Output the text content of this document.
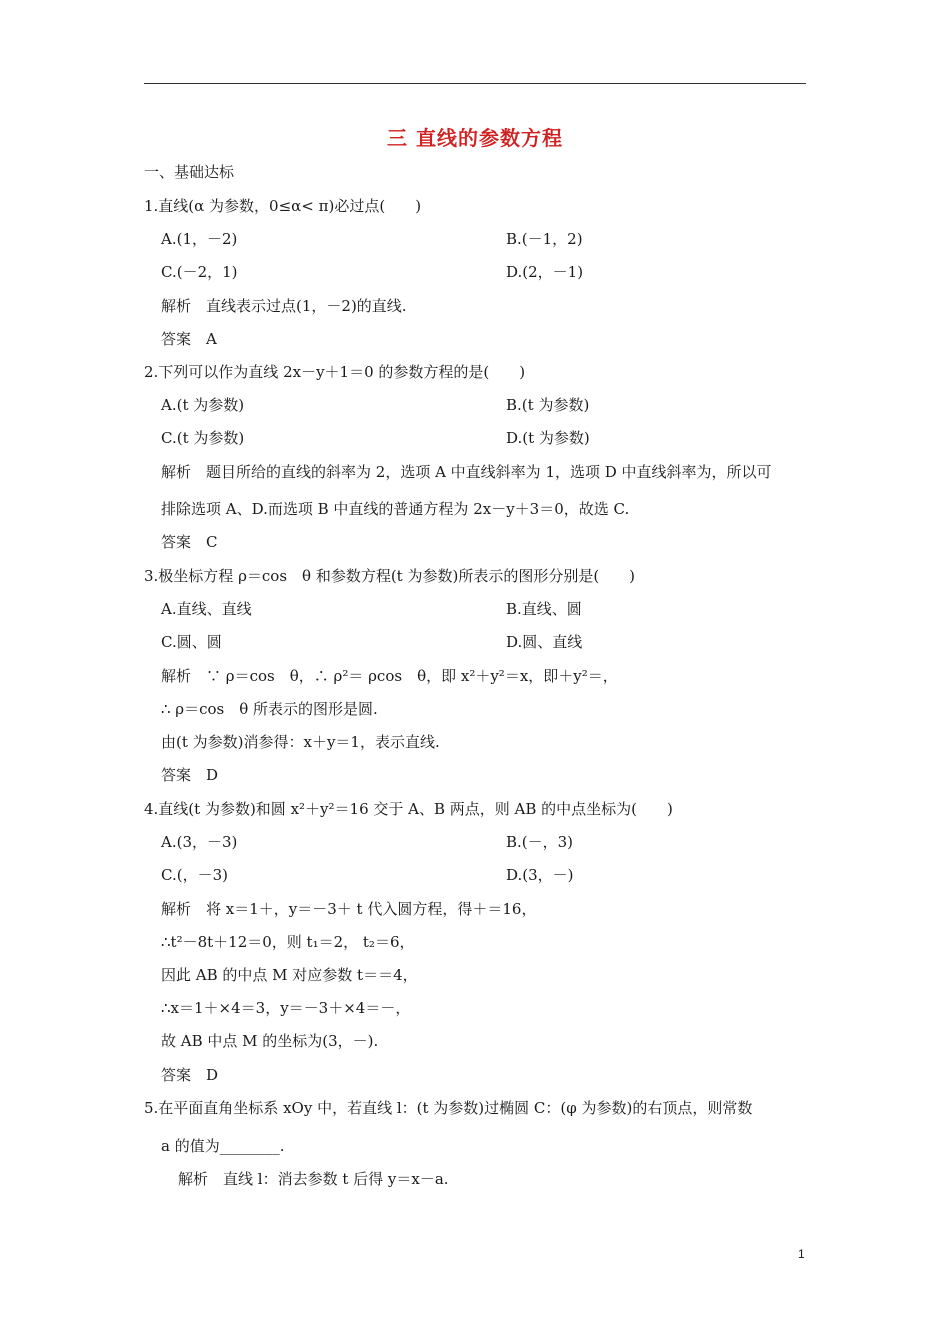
三 直线的参数方程
一、基础达标
1.直线(α 为参数，0≤α< π)必过点(　　)
A.(1，－2)	B.(－1，2)
C.(－2，1)	D.(2，－1)
解析　直线表示过点(1，－2)的直线.
答案　A
2.下列可以作为直线 2x－y＋1＝0 的参数方程的是(　　)
A.(t 为参数)	B.(t 为参数)
C.(t 为参数)	D.(t 为参数)
解析　题目所给的直线的斜率为 2，选项 A 中直线斜率为 1，选项 D 中直线斜率为，所以可
排除选项 A、D.而选项 B 中直线的普通方程为 2x－y＋3＝0，故选 C.
答案　C
3.极坐标方程 ρ＝cos　θ 和参数方程(t 为参数)所表示的图形分别是(　　)
A.直线、直线	B.直线、圆
C.圆、圆	D.圆、直线
解析　∵ ρ＝cos　θ，∴ ρ²＝ ρcos　θ，即 x²＋y²＝x，即＋y²＝，
∴ ρ＝cos　θ 所表示的图形是圆.
由(t 为参数)消参得：x＋y＝1，表示直线.
答案　D
4.直线(t 为参数)和圆 x²＋y²＝16 交于 A、B 两点，则 AB 的中点坐标为(　　)
A.(3，－3)	B.(－，3)
C.(，－3)	D.(3，－)
解析　将 x＝1＋，y＝－3＋ t 代入圆方程，得＋＝16，
∴t²－8t＋12＝0，则 t₁＝2， t₂＝6，
因此 AB 的中点 M 对应参数 t＝＝4，
∴x＝1＋×4＝3，y＝－3＋×4＝－，
故 AB 中点 M 的坐标为(3，－).
答案　D
5.在平面直角坐标系 xOy 中，若直线 l：(t 为参数)过椭圆 C：(φ 为参数)的右顶点，则常数
a 的值为________.
解析　直线 l：消去参数 t 后得 y＝x－a.
1
